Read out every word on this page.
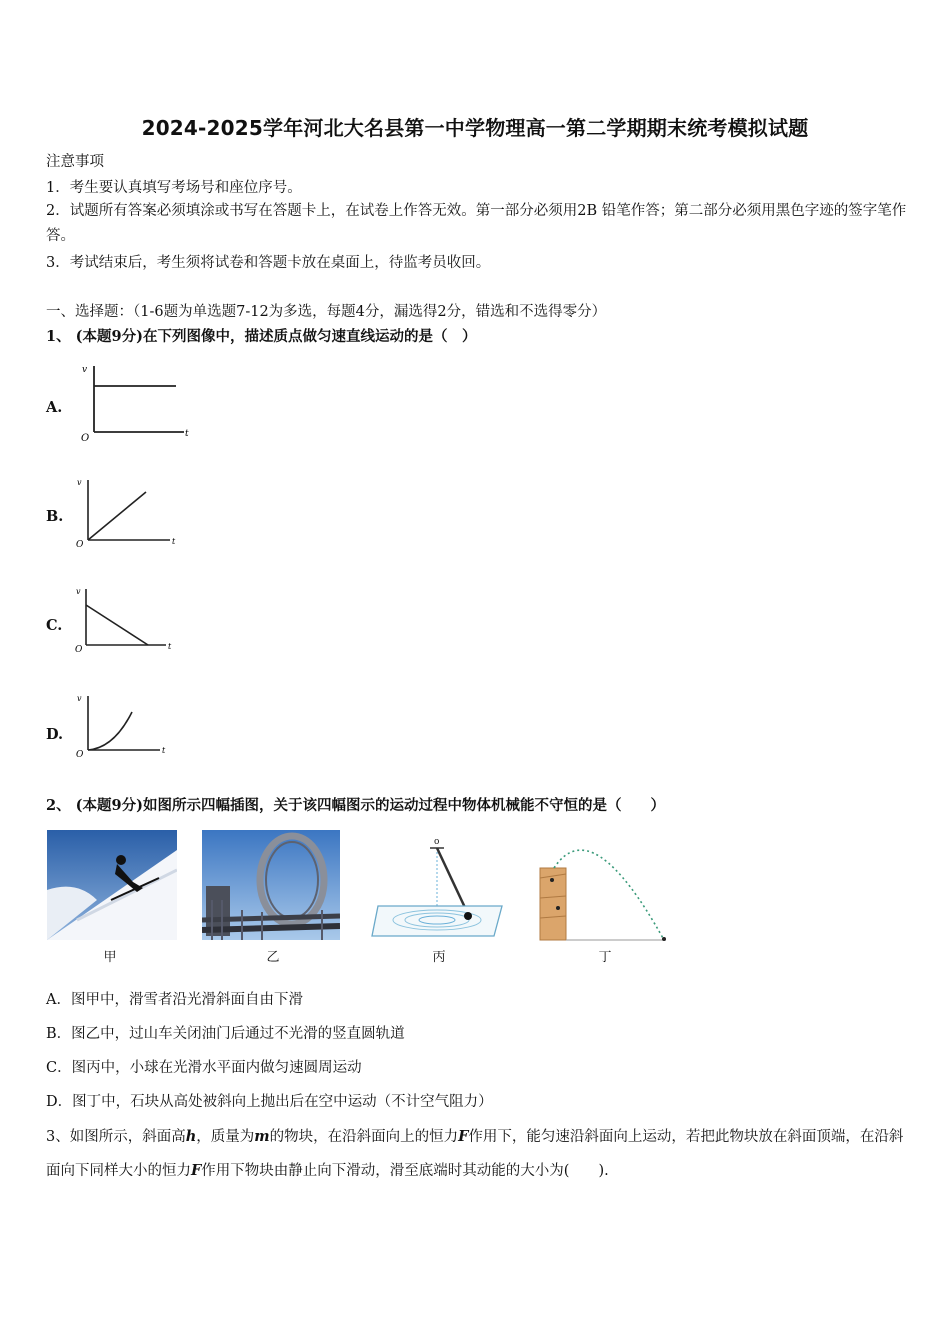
2024-2025学年河北大名县第一中学物理高一第二学期期末统考模拟试题
注意事项
1．考生要认真填写考场号和座位序号。
2．试题所有答案必须填涂或书写在答题卡上，在试卷上作答无效。第一部分必须用2B 铅笔作答；第二部分必须用黑色字迹的签字笔作答。
3．考试结束后，考生须将试卷和答题卡放在桌面上，待监考员收回。
一、选择题：（1-6题为单选题7-12为多选，每题4分，漏选得2分，错选和不选得零分）
1、 (本题9分)在下列图像中，描述质点做匀速直线运动的是（　）
A.
v
t
O
B.
v
t
O
C.
v
t
O
D.
v
t
O
2、 (本题9分)如图所示四幅插图，关于该四幅图示的运动过程中物体机械能不守恒的是（　　）
甲	乙
o
丙	丁
A．图甲中，滑雪者沿光滑斜面自由下滑
B．图乙中，过山车关闭油门后通过不光滑的竖直圆轨道
C．图丙中，小球在光滑水平面内做匀速圆周运动
D．图丁中，石块从高处被斜向上抛出后在空中运动（不计空气阻力）
3、如图所示，斜面高h，质量为m的物块，在沿斜面向上的恒力F作用下，能匀速沿斜面向上运动，若把此物块放在斜面顶端，在沿斜面向下同样大小的恒力F作用下物块由静止向下滑动，滑至底端时其动能的大小为(　　).
